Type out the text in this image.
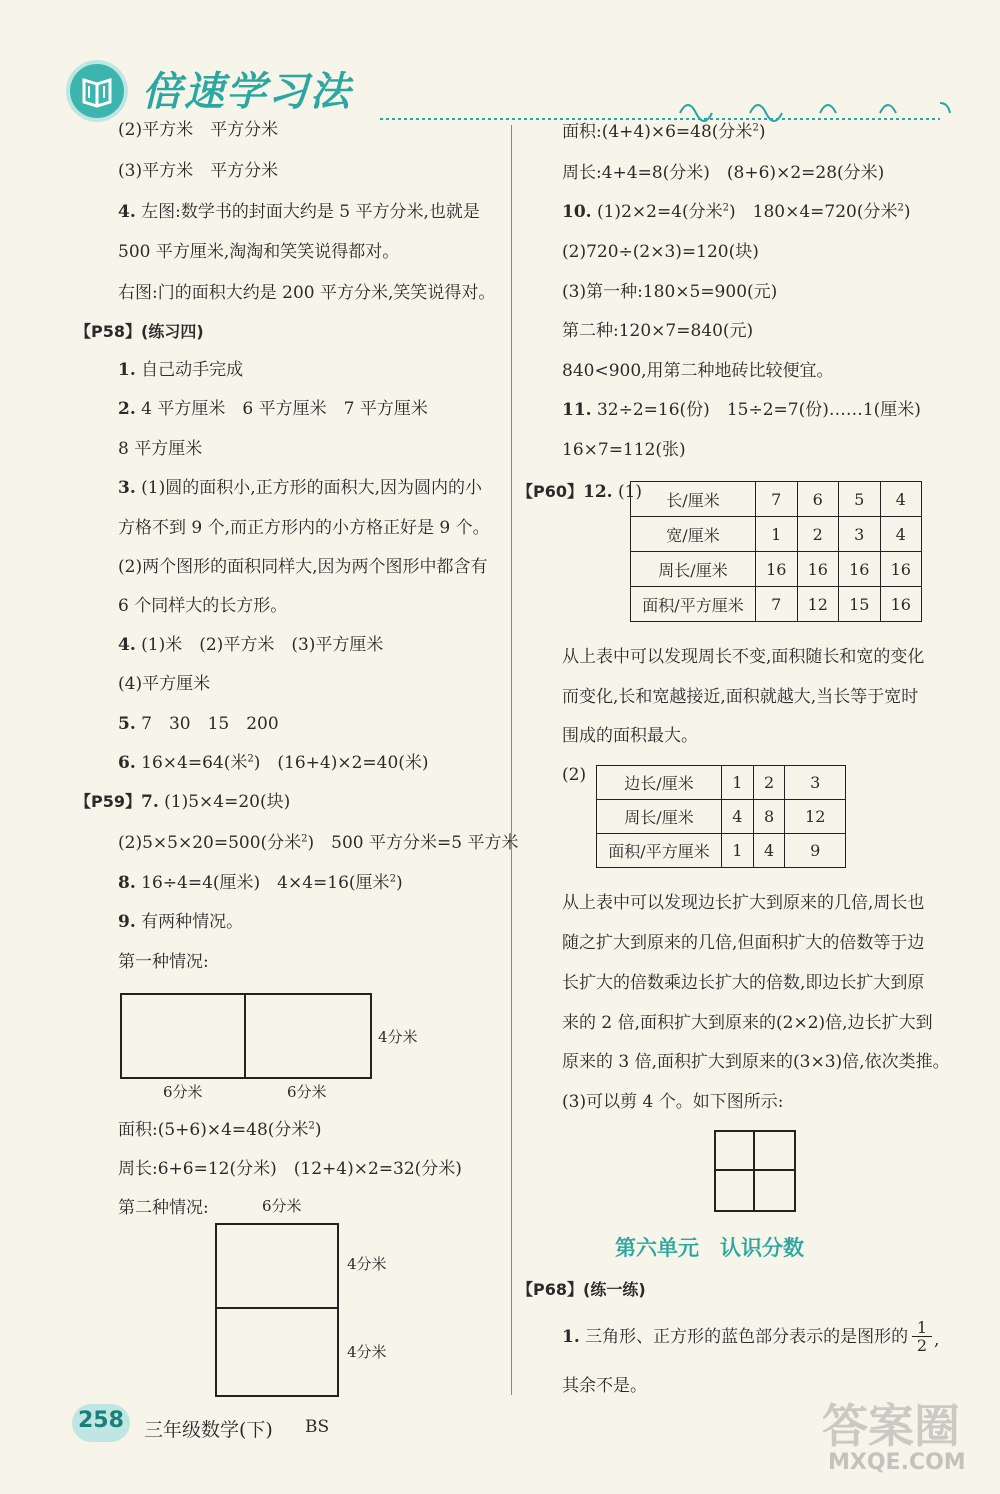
倍速学习法
(2)平方米　平方分米
(3)平方米　平方分米
4. 左图:数学书的封面大约是 5 平方分米,也就是
500 平方厘米,淘淘和笑笑说得都对。
右图:门的面积大约是 200 平方分米,笑笑说得对。
【P58】(练习四)
1. 自己动手完成
2. 4 平方厘米　6 平方厘米　7 平方厘米
8 平方厘米
3. (1)圆的面积小,正方形的面积大,因为圆内的小
方格不到 9 个,而正方形内的小方格正好是 9 个。
(2)两个图形的面积同样大,因为两个图形中都含有
6 个同样大的长方形。
4. (1)米　(2)平方米　(3)平方厘米
(4)平方厘米
5. 7　30　15　200
6. 16×4=64(米$^2$)　(16+4)×2=40(米)
【P59】7. (1)5×4=20(块)
(2)5×5×20=500(分米$^2$)　500 平方分米=5 平方米
8. 16÷4=4(厘米)　4×4=16(厘米$^2$)
9. 有两种情况。
第一种情况:
4分米
6分米	6分米
面积:(5+6)×4=48(分米$^2$)
周长:6+6=12(分米)　(12+4)×2=32(分米)
第二种情况:	6分米
4分米
4分米
面积:(4+4)×6=48(分米$^2$)
周长:4+4=8(分米)　(8+6)×2=28(分米)
10. (1)2×2=4(分米$^2$)　180×4=720(分米$^2$)
(2)720÷(2×3)=120(块)
(3)第一种:180×5=900(元)
第二种:120×7=840(元)
840<900,用第二种地砖比较便宜。
11. 32÷2=16(份)　15÷2=7(份)……1(厘米)
16×7=112(张)
【P60】12. (1) 长/厘米	7	6	5	4
宽/厘米	1	2	3	4
周长/厘米	16	16	16	16
面积/平方厘米	7	12	15	16
从上表中可以发现周长不变,面积随长和宽的变化
而变化,长和宽越接近,面积就越大,当长等于宽时
围成的面积最大。
(2) 边长/厘米	1	2	3
周长/厘米	4	8	12
面积/平方厘米	1	4	9
从上表中可以发现边长扩大到原来的几倍,周长也
随之扩大到原来的几倍,但面积扩大的倍数等于边
长扩大的倍数乘边长扩大的倍数,即边长扩大到原
来的 2 倍,面积扩大到原来的(2×2)倍,边长扩大到
原来的 3 倍,面积扩大到原来的(3×3)倍,依次类推。
(3)可以剪 4 个。如下图所示:
第六单元　认识分数
【P68】(练一练)
1. 三角形、正方形的蓝色部分表示的是图形的 $\frac{1}{2}$ ,
其余不是。
258 三年级数学(下) BS	答案圈
MXQE.COM
